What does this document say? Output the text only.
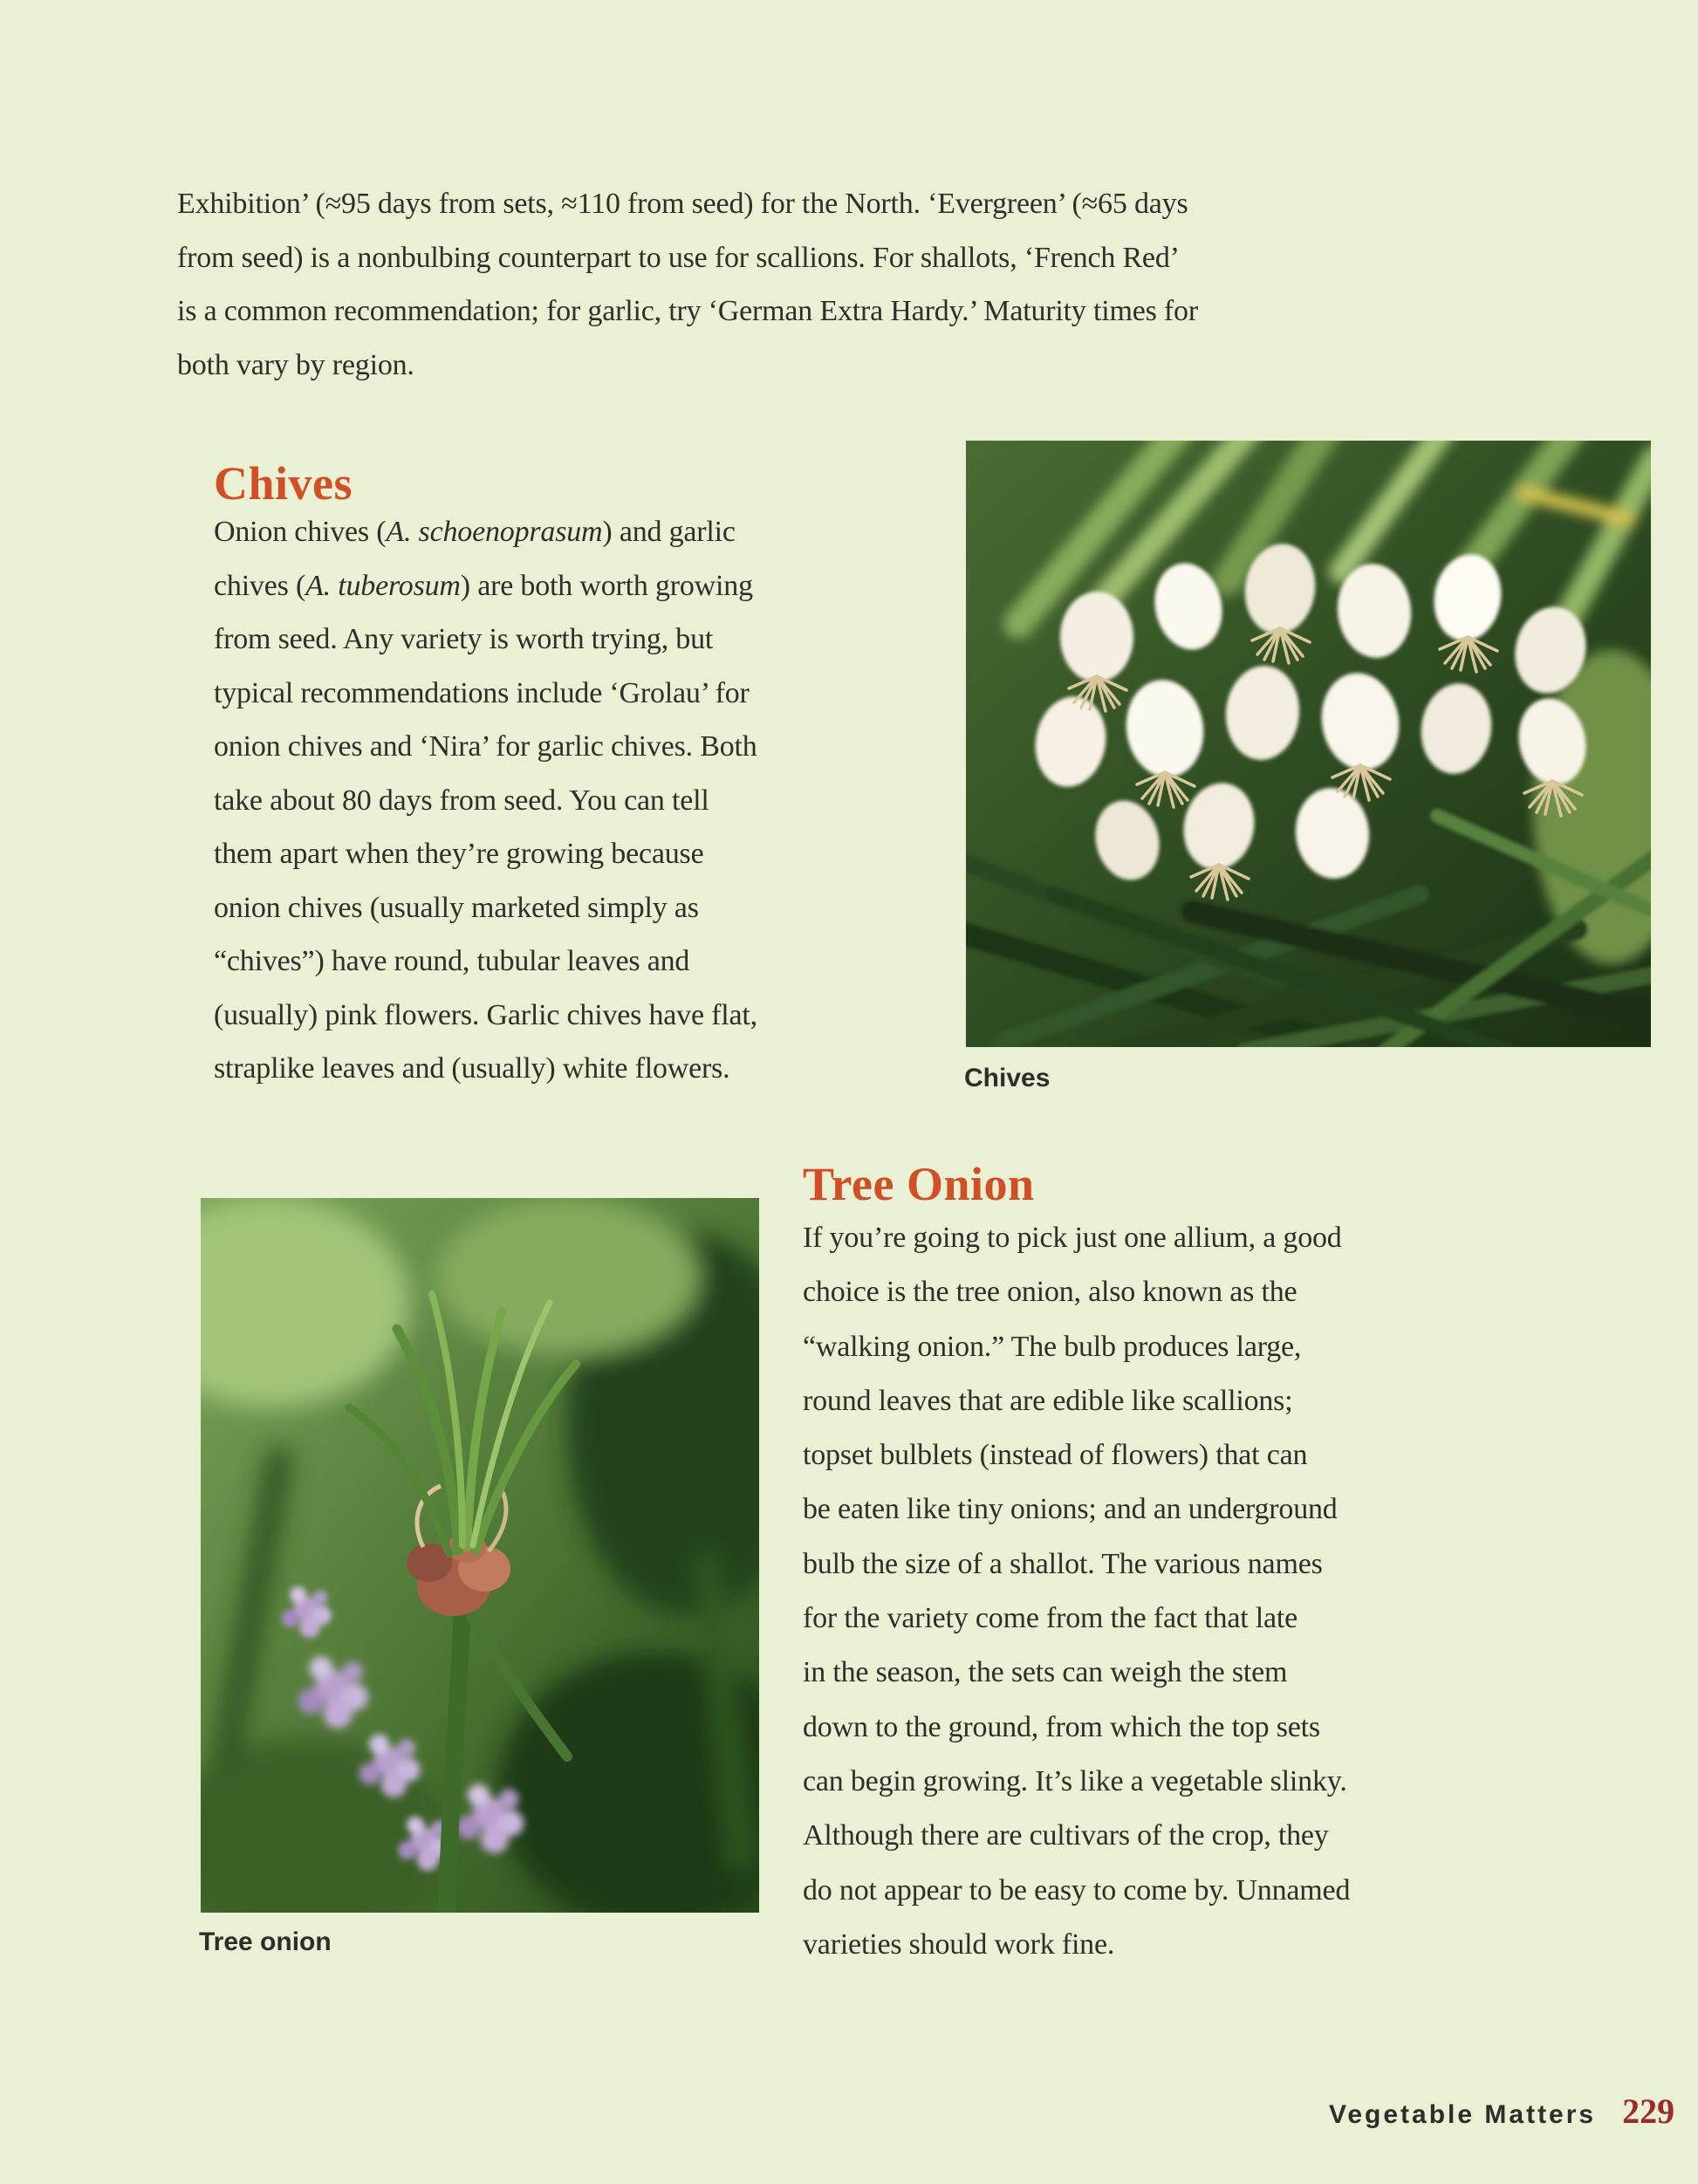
Exhibition’ (≈95 days from sets, ≈110 from seed) for the North. ‘Evergreen’ (≈65 days
from seed) is a nonbulbing counterpart to use for scallions. For shallots, ‘French Red’
is a common recommendation; for garlic, try ‘German Extra Hardy.’ Maturity times for
both vary by region.
Chives
Onion chives (A. schoenoprasum) and garlic
chives (A. tuberosum) are both worth growing
from seed. Any variety is worth trying, but
typical recommendations include ‘Grolau’ for
onion chives and ‘Nira’ for garlic chives. Both
take about 80 days from seed. You can tell
them apart when they’re growing because
onion chives (usually marketed simply as
“chives”) have round, tubular leaves and
(usually) pink flowers. Garlic chives have flat,
straplike leaves and (usually) white flowers.	Chives
Tree Onion
If you’re going to pick just one allium, a good
choice is the tree onion, also known as the
“walking onion.” The bulb produces large,
round leaves that are edible like scallions;
topset bulblets (instead of flowers) that can
be eaten like tiny onions; and an underground
bulb the size of a shallot. The various names
for the variety come from the fact that late
in the season, the sets can weigh the stem
down to the ground, from which the top sets
can begin growing. It’s like a vegetable slinky.
Although there are cultivars of the crop, they
do not appear to be easy to come by. Unnamed
varieties should work fine.
Tree onion
Vegetable Matters 229
